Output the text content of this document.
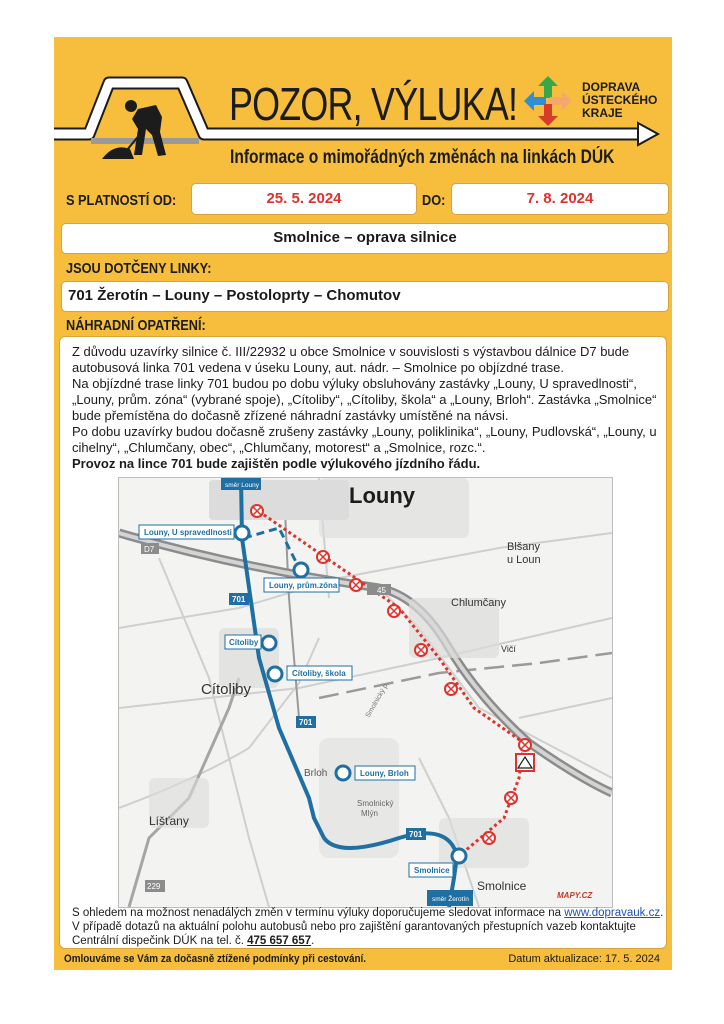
POZOR, VÝLUKA!	DOPRAVA
ÚSTECKÉHO
KRAJE
Informace o mimořádných změnách na linkách DÚK
S PLATNOSTÍ OD:	25. 5. 2024	DO:	7. 8. 2024
Smolnice – oprava silnice
JSOU DOTČENY LINKY:
701 Žerotín – Louny – Postoloprty – Chomutov
NÁHRADNÍ OPATŘENÍ:

Z důvodu uzavírky silnice č. III/22932 u obce Smolnice v souvislosti s výstavbou dálnice D7 bude autobusová linka 701 vedena v úseku Louny, aut. nádr. – Smolnice po objízdné trase.

Na objízdné trase linky 701 budou po dobu výluky obsluhovány zastávky „Louny, U spravedlnosti“, „Louny, prům. zóna“ (vybrané spoje), „Cítoliby“, „Cítoliby, škola“ a „Louny, Brloh“. Zastávka „Smolnice“ bude přemístěna do dočasně zřízené náhradní zastávky umístěné na návsi.

Po dobu uzavírky budou dočasně zrušeny zastávky „Louny, poliklinika“, „Louny, Pudlovská“, „Louny, u cihelny“, „Chlumčany, obec“, „Chlumčany, motorest“ a „Smolnice, rozc.“.

Provoz na lince 701 bude zajištěn podle výlukového jízdního řádu.

Louny, U spravedlnosti
Louny, prům.zóna
Cítoliby
Cítoliby, škola
Louny, Brloh
Smolnice
701
701
701
směr Louny
směr Žerotín
D7
45
229
Louny
Blšany
u Loun
Chlumčany
Vičí
Cítoliby
Brloh
Smolnický
Mlýn
Líšťany
Smolnice
Smolnický p.
MAPY.CZ
S ohledem na možnost nenadálých změn v termínu výluky doporučujeme sledovat informace na www.dopravauk.cz.
V případě dotazů na aktuální polohu autobusů nebo pro zajištění garantovaných přestupních vazeb kontaktujte Centrální dispečink DÚK na tel. č. 475 657 657.
Omlouváme se Vám za dočasně ztížené podmínky při cestování.	Datum aktualizace: 17. 5. 2024
